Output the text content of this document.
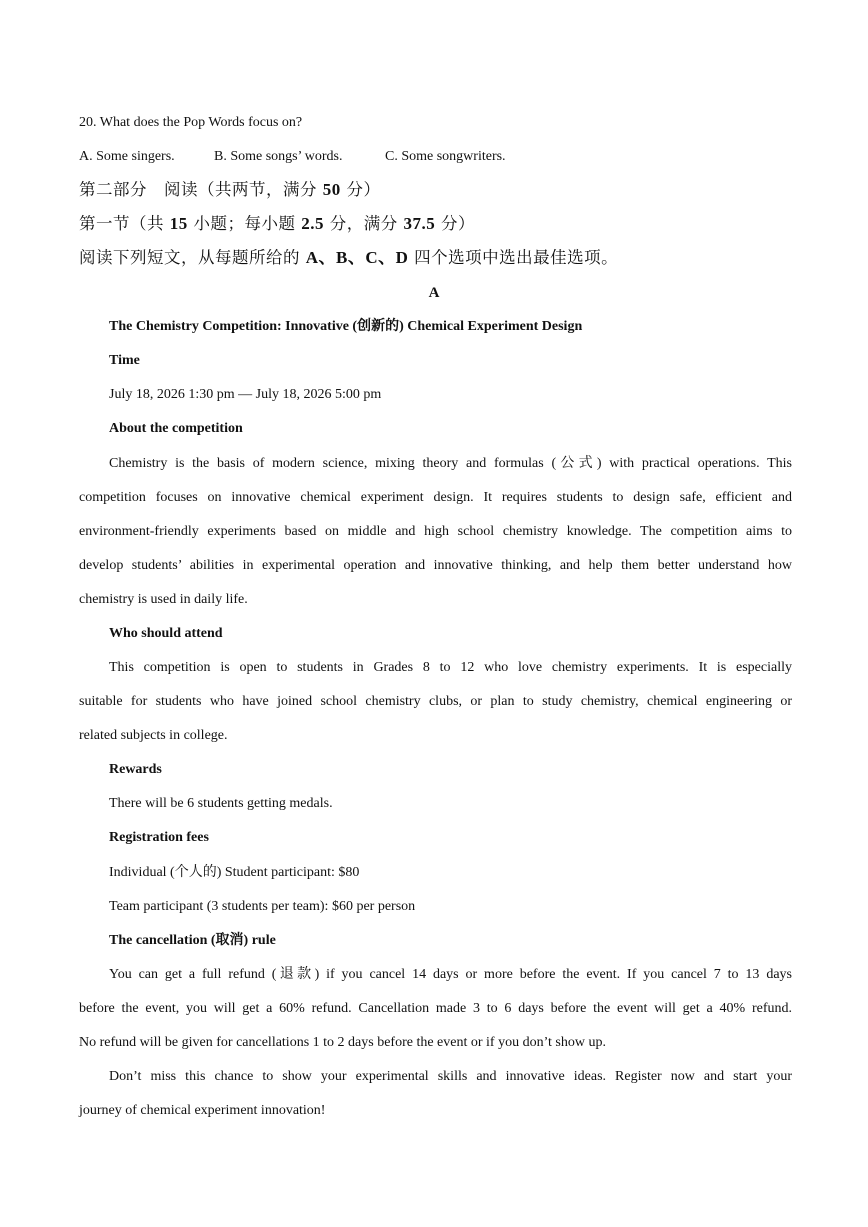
20. What does the Pop Words focus on?
A. Some singers.	B. Some songs’ words.	C. Some songwriters.
第二部分　阅读（共两节，满分 50 分）
第一节（共 15 小题；每小题 2.5 分，满分 37.5 分）
阅读下列短文，从每题所给的 A、B、C、D 四个选项中选出最佳选项。
A
The Chemistry Competition: Innovative (创新的) Chemical Experiment Design
Time
July 18, 2026 1:30 pm — July 18, 2026 5:00 pm
About the competition
Chemistry is the basis of modern science, mixing theory and formulas (公式) with practical operations. This
competition focuses on innovative chemical experiment design. It requires students to design safe, efficient and
environment-friendly experiments based on middle and high school chemistry knowledge. The competition aims to
develop students’ abilities in experimental operation and innovative thinking, and help them better understand how
chemistry is used in daily life.
Who should attend
This competition is open to students in Grades 8 to 12 who love chemistry experiments. It is especially
suitable for students who have joined school chemistry clubs, or plan to study chemistry, chemical engineering or
related subjects in college.
Rewards
There will be 6 students getting medals.
Registration fees
Individual (个人的) Student participant: $80
Team participant (3 students per team): $60 per person
The cancellation (取消) rule
You can get a full refund (退款) if you cancel 14 days or more before the event. If you cancel 7 to 13 days
before the event, you will get a 60% refund. Cancellation made 3 to 6 days before the event will get a 40% refund.
No refund will be given for cancellations 1 to 2 days before the event or if you don’t show up.
Don’t miss this chance to show your experimental skills and innovative ideas. Register now and start your
journey of chemical experiment innovation!
